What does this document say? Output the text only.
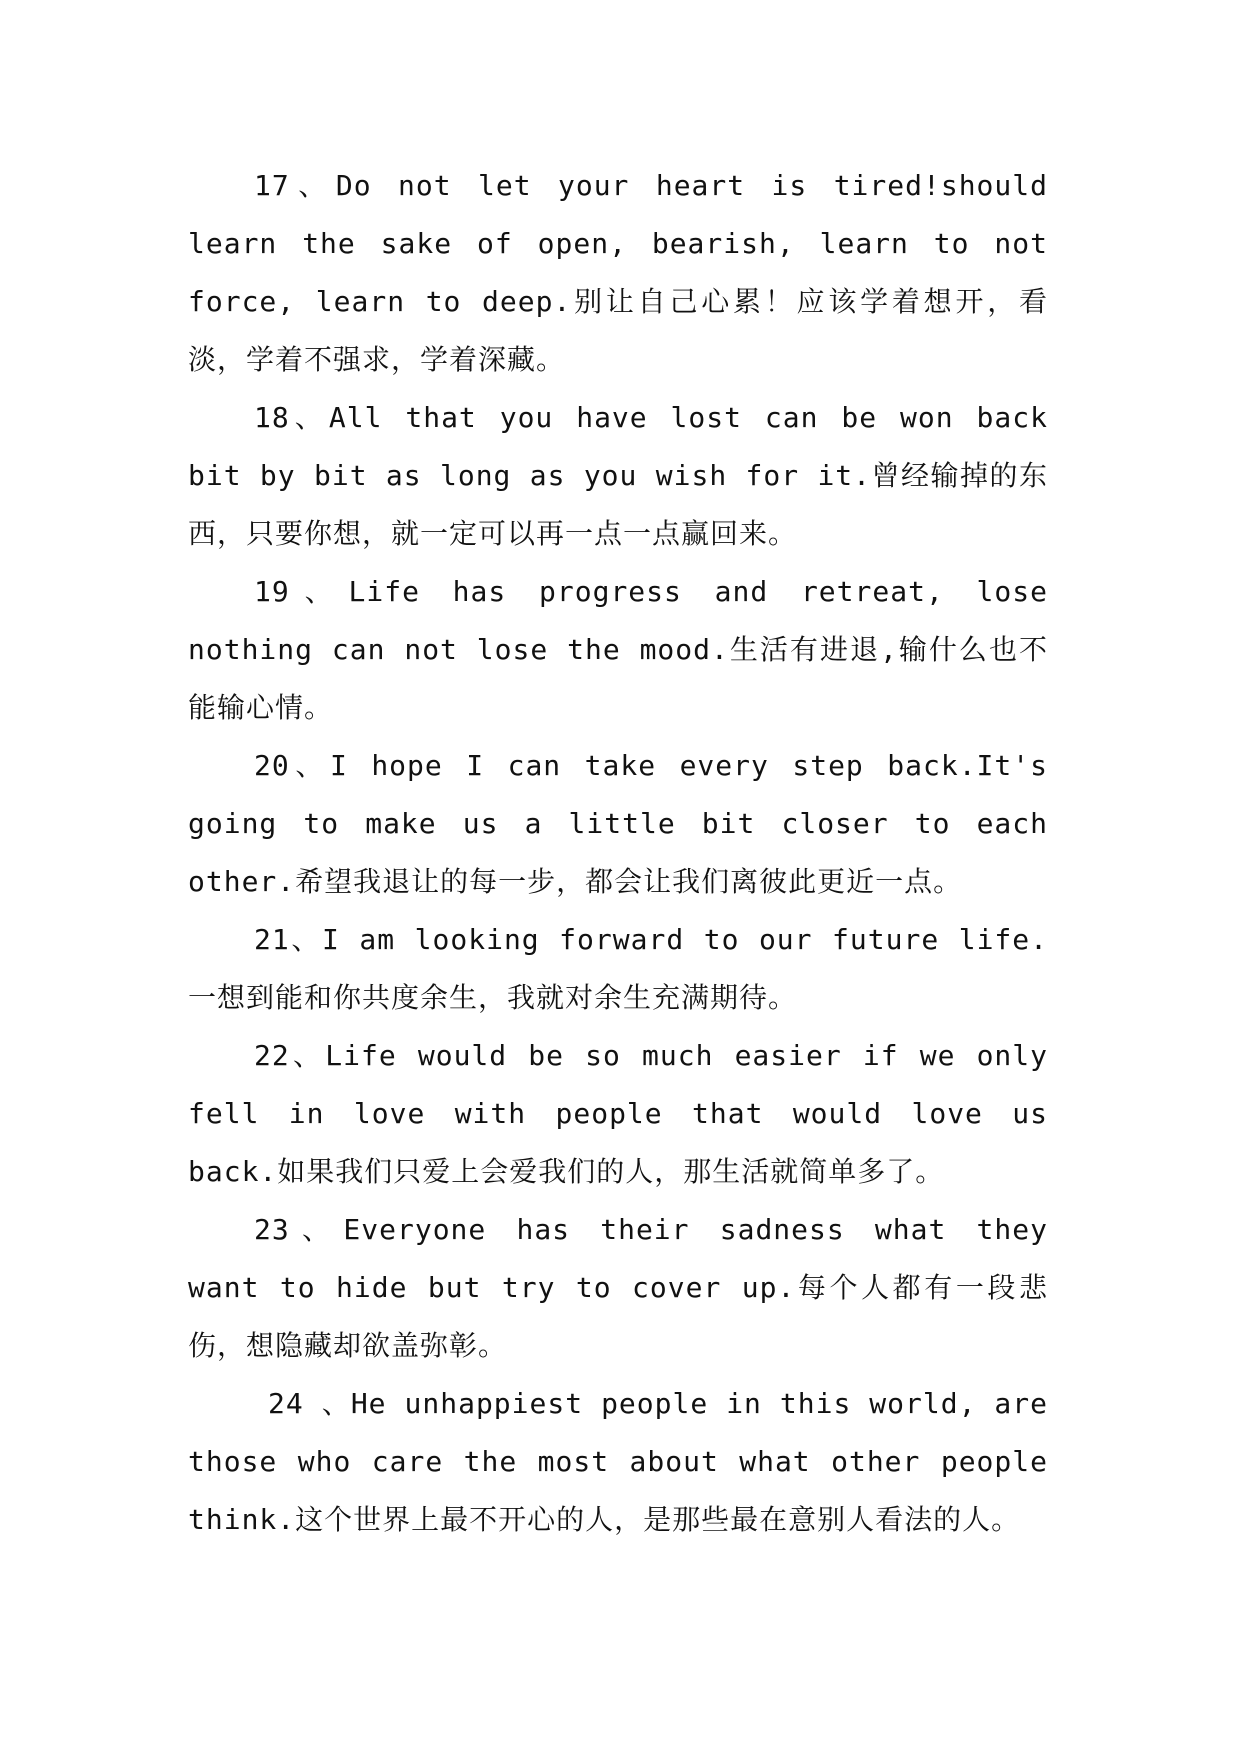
17、Do not let your heart is tired!should learn the sake of open, bearish, learn to not force, learn to deep.别让自己心累！应该学着想开，看淡，学着不强求，学着深藏。

18、All that you have lost can be won back bit by bit as long as you wish for it.曾经输掉的东西，只要你想，就一定可以再一点一点赢回来。

19、Life has progress and retreat, lose nothing can not lose the mood.生活有进退,输什么也不能输心情。

20、I hope I can take every step back.It's going to make us a little bit closer to each other.希望我退让的每一步，都会让我们离彼此更近一点。

21、I am looking forward to our future life.一想到能和你共度余生，我就对余生充满期待。

22、Life would be so much easier if we only fell in love with people that would love us back.如果我们只爱上会爱我们的人，那生活就简单多了。

23、Everyone has their sadness what they want to hide but try to cover up.每个人都有一段悲伤，想隐藏却欲盖弥彰。

24 、He unhappiest people in this world, are those who care the most about what other people think.这个世界上最不开心的人，是那些最在意别人看法的人。
